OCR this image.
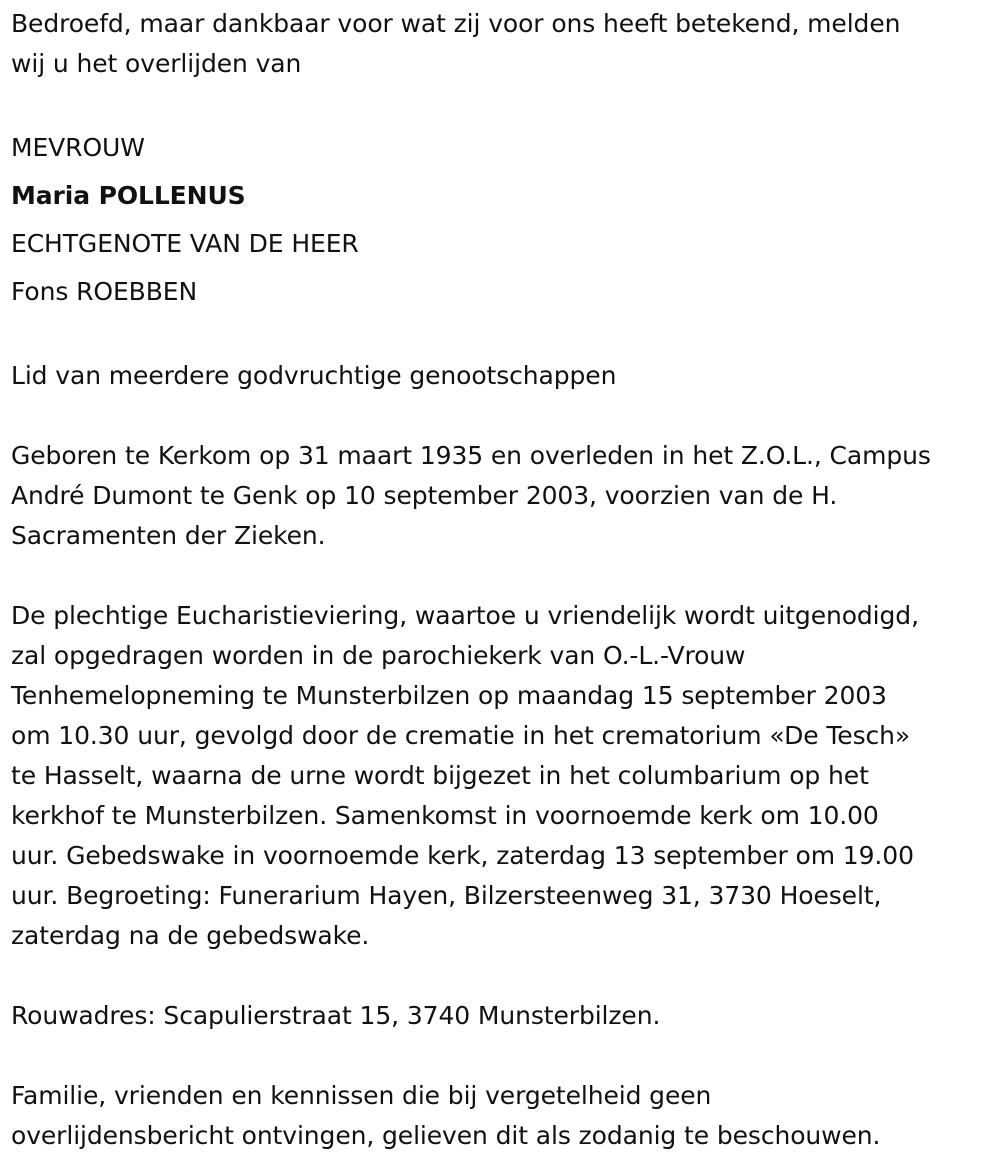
Bedroefd, maar dankbaar voor wat zij voor ons heeft betekend, melden
wij u het overlijden van
MEVROUW
Maria POLLENUS
ECHTGENOTE VAN DE HEER
Fons ROEBBEN
Lid van meerdere godvruchtige genootschappen
Geboren te Kerkom op 31 maart 1935 en overleden in het Z.O.L., Campus
André Dumont te Genk op 10 september 2003, voorzien van de H.
Sacramenten der Zieken.
De plechtige Eucharistieviering, waartoe u vriendelijk wordt uitgenodigd,
zal opgedragen worden in de parochiekerk van O.-L.-Vrouw
Tenhemelopneming te Munsterbilzen op maandag 15 september 2003
om 10.30 uur, gevolgd door de crematie in het crematorium «De Tesch»
te Hasselt, waarna de urne wordt bijgezet in het columbarium op het
kerkhof te Munsterbilzen. Samenkomst in voornoemde kerk om 10.00
uur. Gebedswake in voornoemde kerk, zaterdag 13 september om 19.00
uur. Begroeting: Funerarium Hayen, Bilzersteenweg 31, 3730 Hoeselt,
zaterdag na de gebedswake.
Rouwadres: Scapulierstraat 15, 3740 Munsterbilzen.
Familie, vrienden en kennissen die bij vergetelheid geen
overlijdensbericht ontvingen, gelieven dit als zodanig te beschouwen.
